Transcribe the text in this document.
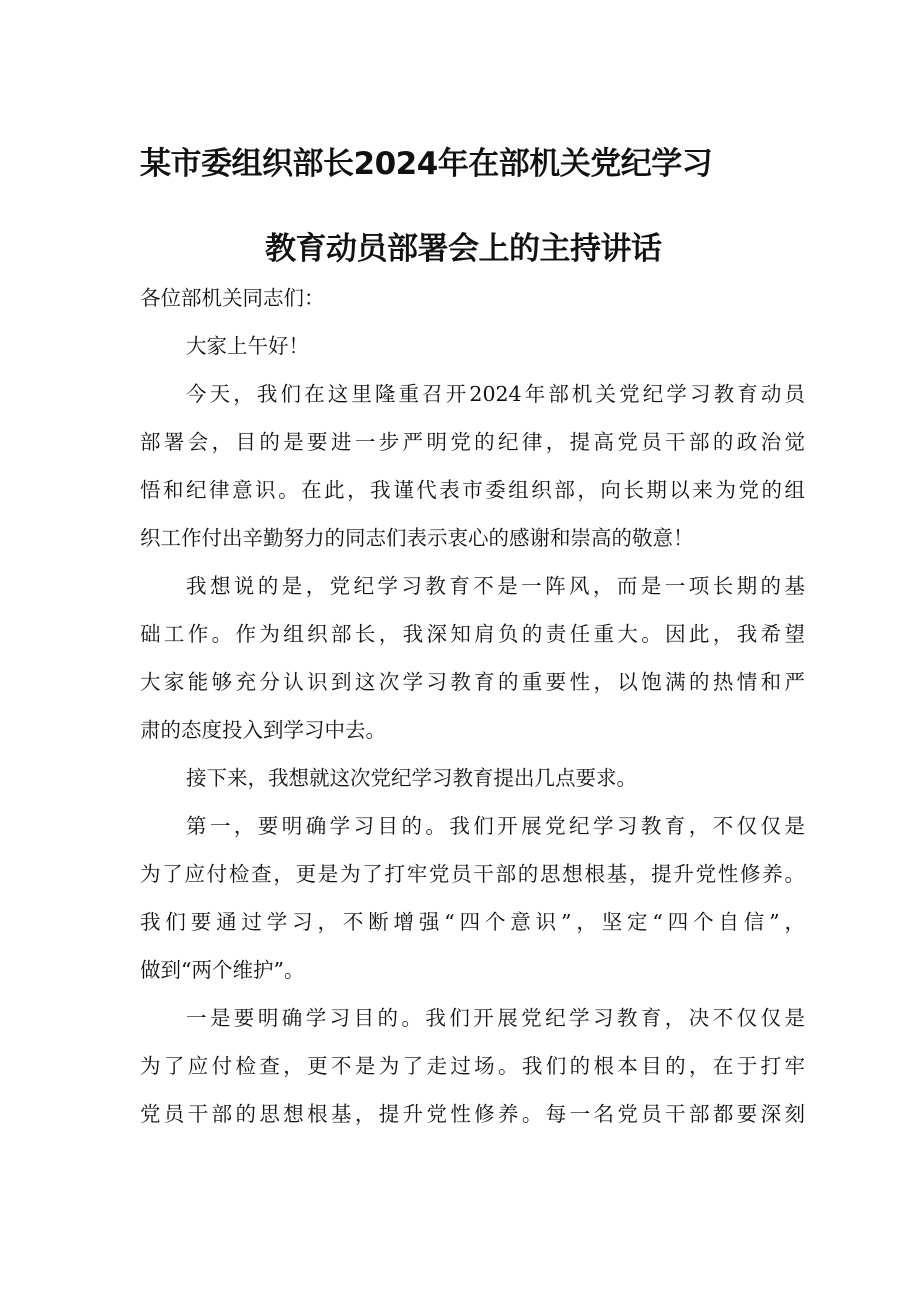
某市委组织部长2024年在部机关党纪学习
教育动员部署会上的主持讲话
各位部机关同志们：
大家上午好！
今天，我们在这里隆重召开2024年部机关党纪学习教育动员
部署会，目的是要进一步严明党的纪律，提高党员干部的政治觉
悟和纪律意识。在此，我谨代表市委组织部，向长期以来为党的组
织工作付出辛勤努力的同志们表示衷心的感谢和崇高的敬意！
我想说的是，党纪学习教育不是一阵风，而是一项长期的基
础工作。作为组织部长，我深知肩负的责任重大。因此，我希望
大家能够充分认识到这次学习教育的重要性，以饱满的热情和严
肃的态度投入到学习中去。
接下来，我想就这次党纪学习教育提出几点要求。
第一，要明确学习目的。我们开展党纪学习教育，不仅仅是
为了应付检查，更是为了打牢党员干部的思想根基，提升党性修养。
我们要通过学习，不断增强“四个意识”，坚定“四个自信”，
做到“两个维护”。
一是要明确学习目的。我们开展党纪学习教育，决不仅仅是
为了应付检查，更不是为了走过场。我们的根本目的，在于打牢
党员干部的思想根基，提升党性修养。每一名党员干部都要深刻
